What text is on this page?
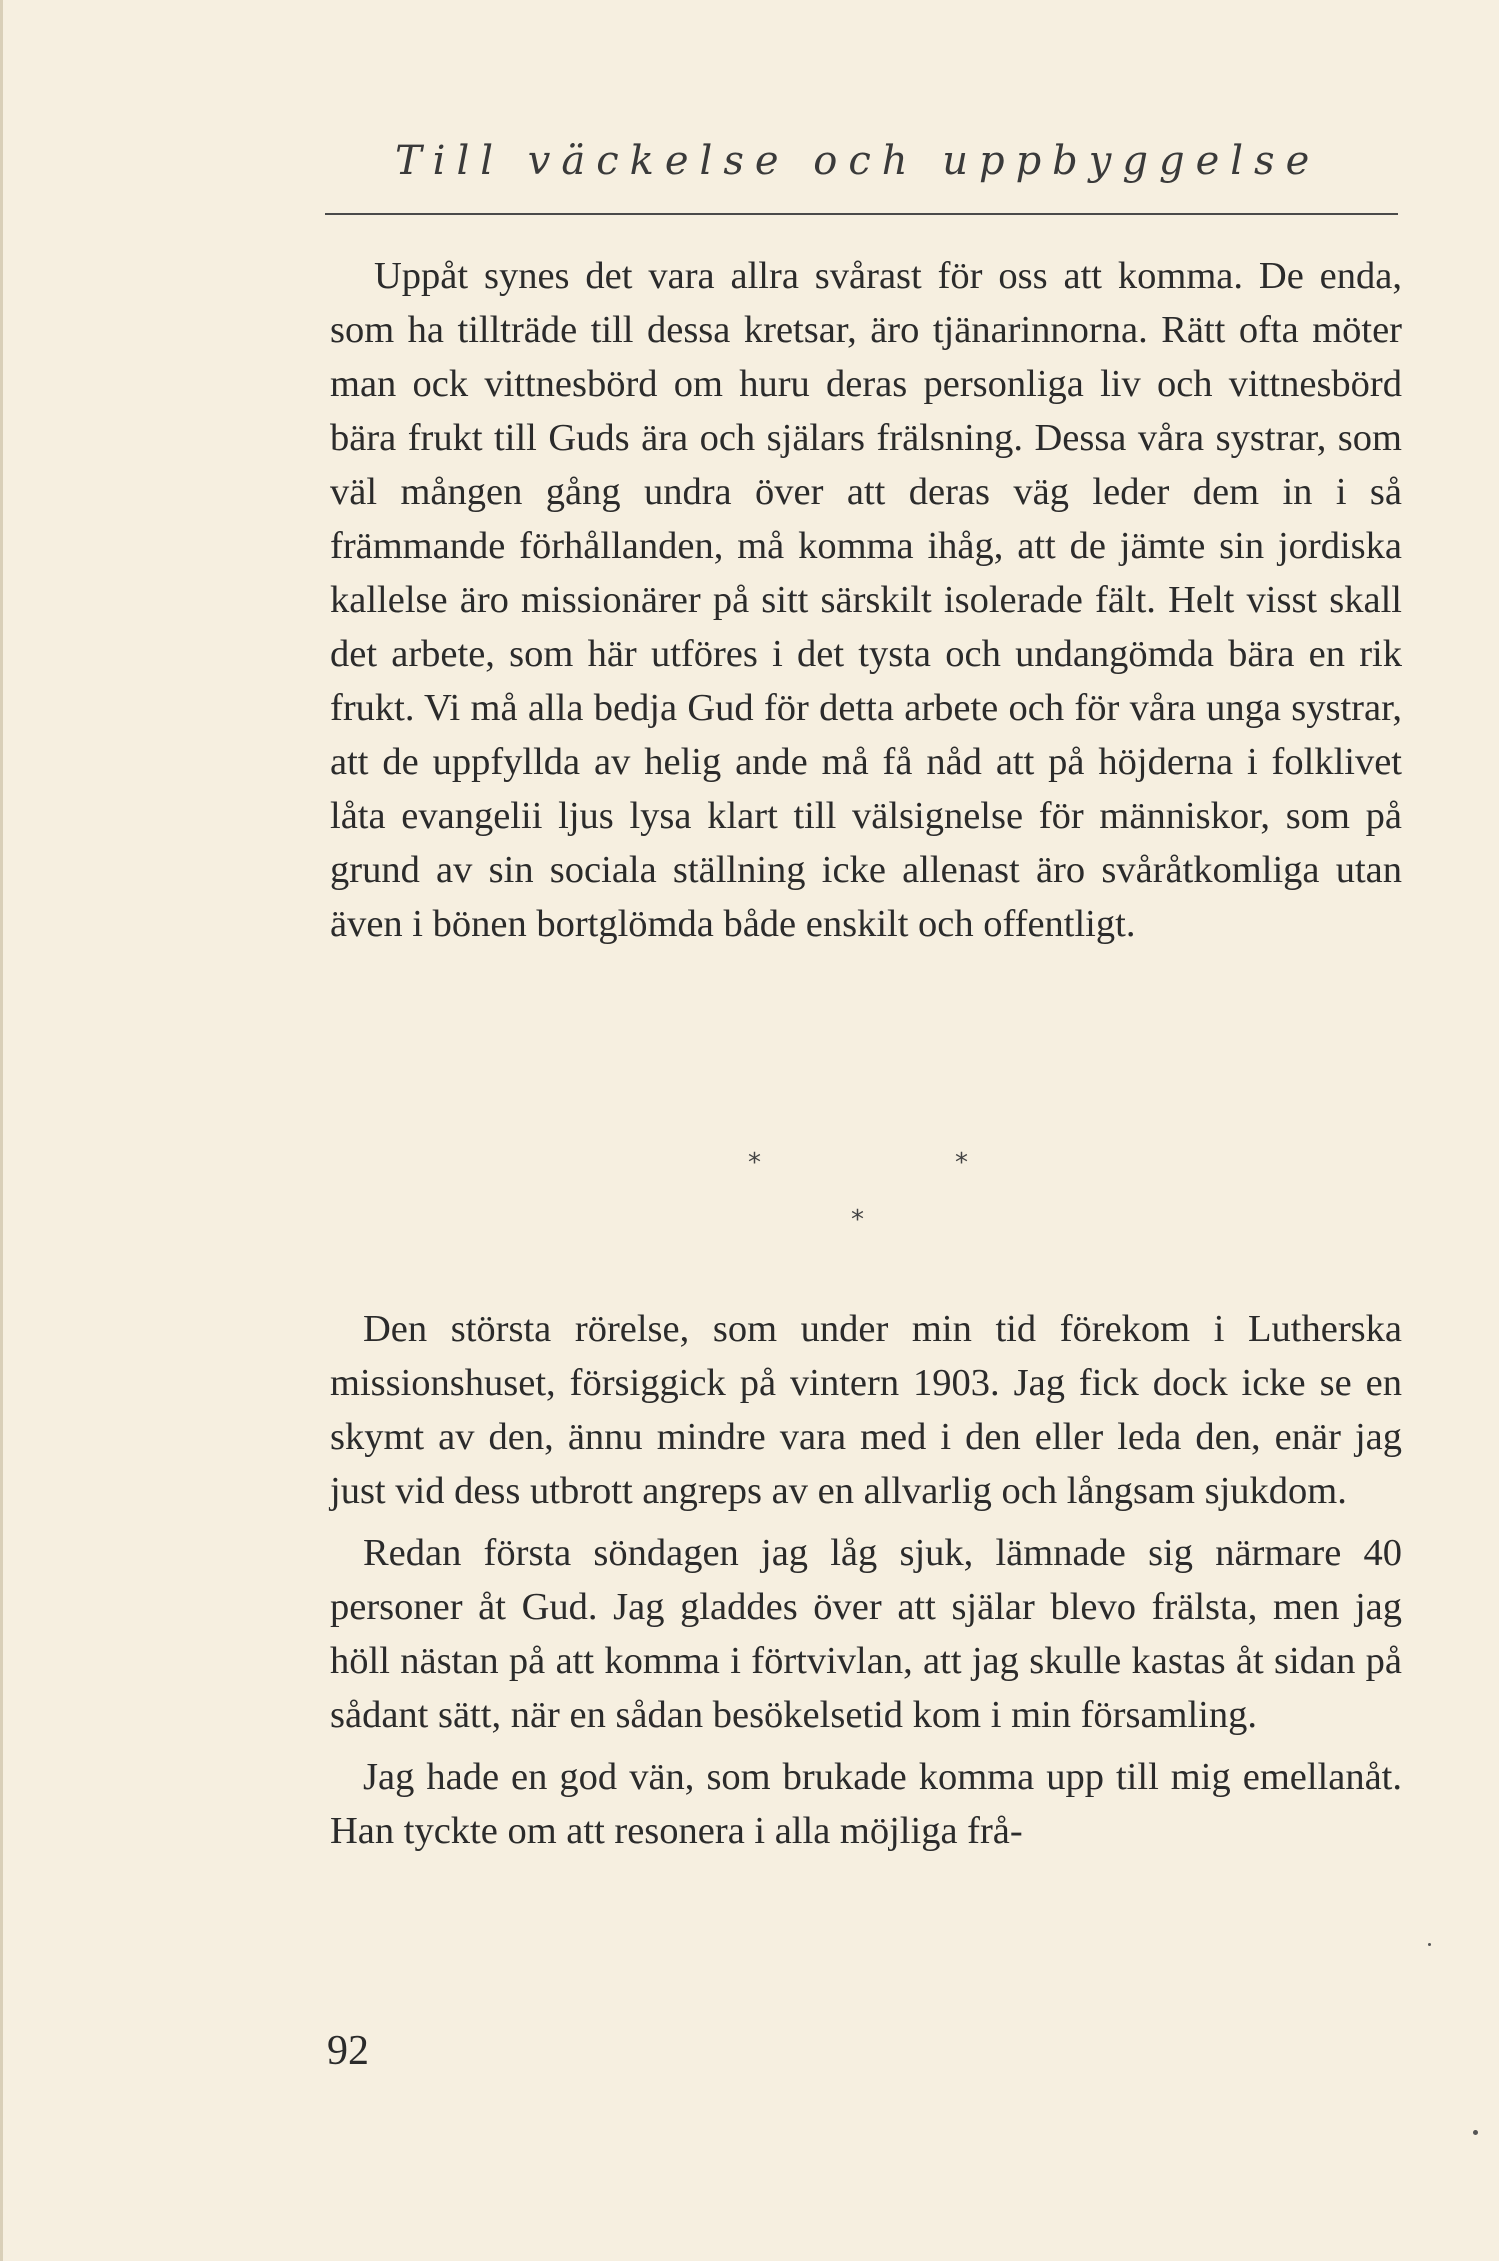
Till väckelse och uppbyggelse

Uppåt synes det vara allra svårast för oss att komma. De enda, som ha tillträde till dessa kretsar, äro tjänarinnorna. Rätt ofta möter man ock vittnesbörd om huru deras personliga liv och vittnesbörd bära frukt till Guds ära och själars frälsning. Dessa våra systrar, som väl mången gång undra över att deras väg leder dem in i så främmande förhållanden, må komma ihåg, att de jämte sin jordiska kallelse äro missionärer på sitt särskilt isolerade fält. Helt visst skall det arbete, som här utföres i det tysta och undangömda bära en rik frukt. Vi må alla bedja Gud för detta arbete och för våra unga systrar, att de uppfyllda av helig ande må få nåd att på höjderna i folklivet låta evangelii ljus lysa klart till välsignelse för människor, som på grund av sin sociala ställning icke allenast äro svåråtkomliga utan även i bönen bortglömda både enskilt och offentligt.

*	*
*

Den största rörelse, som under min tid förekom i Lutherska missionshuset, försiggick på vintern 1903. Jag fick dock icke se en skymt av den, ännu mindre vara med i den eller leda den, enär jag just vid dess utbrott angreps av en allvarlig och långsam sjukdom.

Redan första söndagen jag låg sjuk, lämnade sig närmare 40 personer åt Gud. Jag gladdes över att själar blevo frälsta, men jag höll nästan på att komma i förtvivlan, att jag skulle kastas åt sidan på sådant sätt, när en sådan besökelsetid kom i min församling.

Jag hade en god vän, som brukade komma upp till mig emellanåt. Han tyckte om att resonera i alla möjliga frå-

92
